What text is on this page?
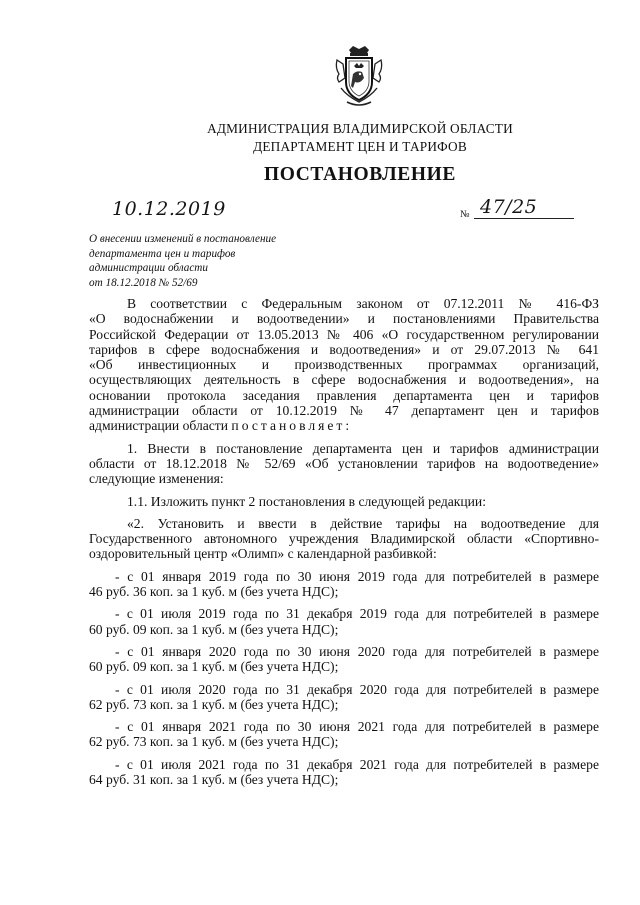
АДМИНИСТРАЦИЯ ВЛАДИМИРСКОЙ ОБЛАСТИ
ДЕПАРТАМЕНТ ЦЕН И ТАРИФОВ
ПОСТАНОВЛЕНИЕ
10.12.2019	№ 47/25
О внесении изменений в постановление
департамента цен и тарифов
администрации области
от 18.12.2018 № 52/69
В соответствии с Федеральным законом от 07.12.2011 № 416-ФЗ
«О водоснабжении и водоотведении» и постановлениями Правительства
Российской Федерации от 13.05.2013 № 406 «О государственном регулировании
тарифов в сфере водоснабжения и водоотведения» и от 29.07.2013 № 641
«Об инвестиционных и производственных программах организаций,
осуществляющих деятельность в сфере водоснабжения и водоотведения», на
основании протокола заседания правления департамента цен и тарифов
администрации области от 10.12.2019 № 47 департамент цен и тарифов
администрации области постановляет:
1. Внести в постановление департамента цен и тарифов администрации
области от 18.12.2018 № 52/69 «Об установлении тарифов на водоотведение»
следующие изменения:
1.1. Изложить пункт 2 постановления в следующей редакции:
«2. Установить и ввести в действие тарифы на водоотведение для
Государственного автономного учреждения Владимирской области «Спортивно-
оздоровительный центр «Олимп» с календарной разбивкой:
- с 01 января 2019 года по 30 июня 2019 года для потребителей в размере
46 руб. 36 коп. за 1 куб. м (без учета НДС);
- с 01 июля 2019 года по 31 декабря 2019 года для потребителей в размере
60 руб. 09 коп. за 1 куб. м (без учета НДС);
- с 01 января 2020 года по 30 июня 2020 года для потребителей в размере
60 руб. 09 коп. за 1 куб. м (без учета НДС);
- с 01 июля 2020 года по 31 декабря 2020 года для потребителей в размере
62 руб. 73 коп. за 1 куб. м (без учета НДС);
- с 01 января 2021 года по 30 июня 2021 года для потребителей в размере
62 руб. 73 коп. за 1 куб. м (без учета НДС);
- с 01 июля 2021 года по 31 декабря 2021 года для потребителей в размере
64 руб. 31 коп. за 1 куб. м (без учета НДС);
